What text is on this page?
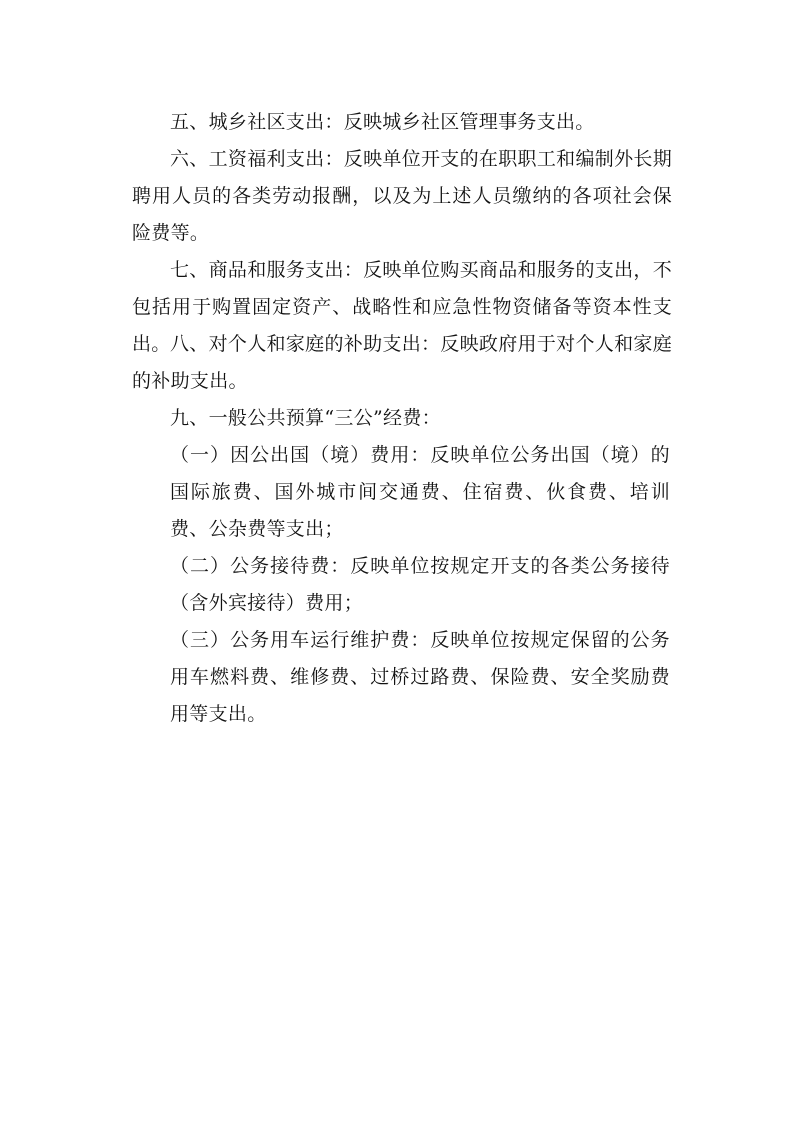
五、城乡社区支出：反映城乡社区管理事务支出。

六、工资福利支出：反映单位开支的在职职工和编制外长期聘用人员的各类劳动报酬，以及为上述人员缴纳的各项社会保险费等。

七、商品和服务支出：反映单位购买商品和服务的支出，不包括用于购置固定资产、战略性和应急性物资储备等资本性支出。 八、对个人和家庭的补助支出：反映政府用于对个人和家庭的补助支出。

九、一般公共预算“三公”经费：

（一）因公出国（境）费用：反映单位公务出国（境）的国际旅费、国外城市间交通费、住宿费、伙食费、培训费、公杂费等支出；

（二）公务接待费：反映单位按规定开支的各类公务接待（含外宾接待）费用；

（三）公务用车运行维护费：反映单位按规定保留的公务用车燃料费、维修费、过桥过路费、保险费、安全奖励费用等支出。
